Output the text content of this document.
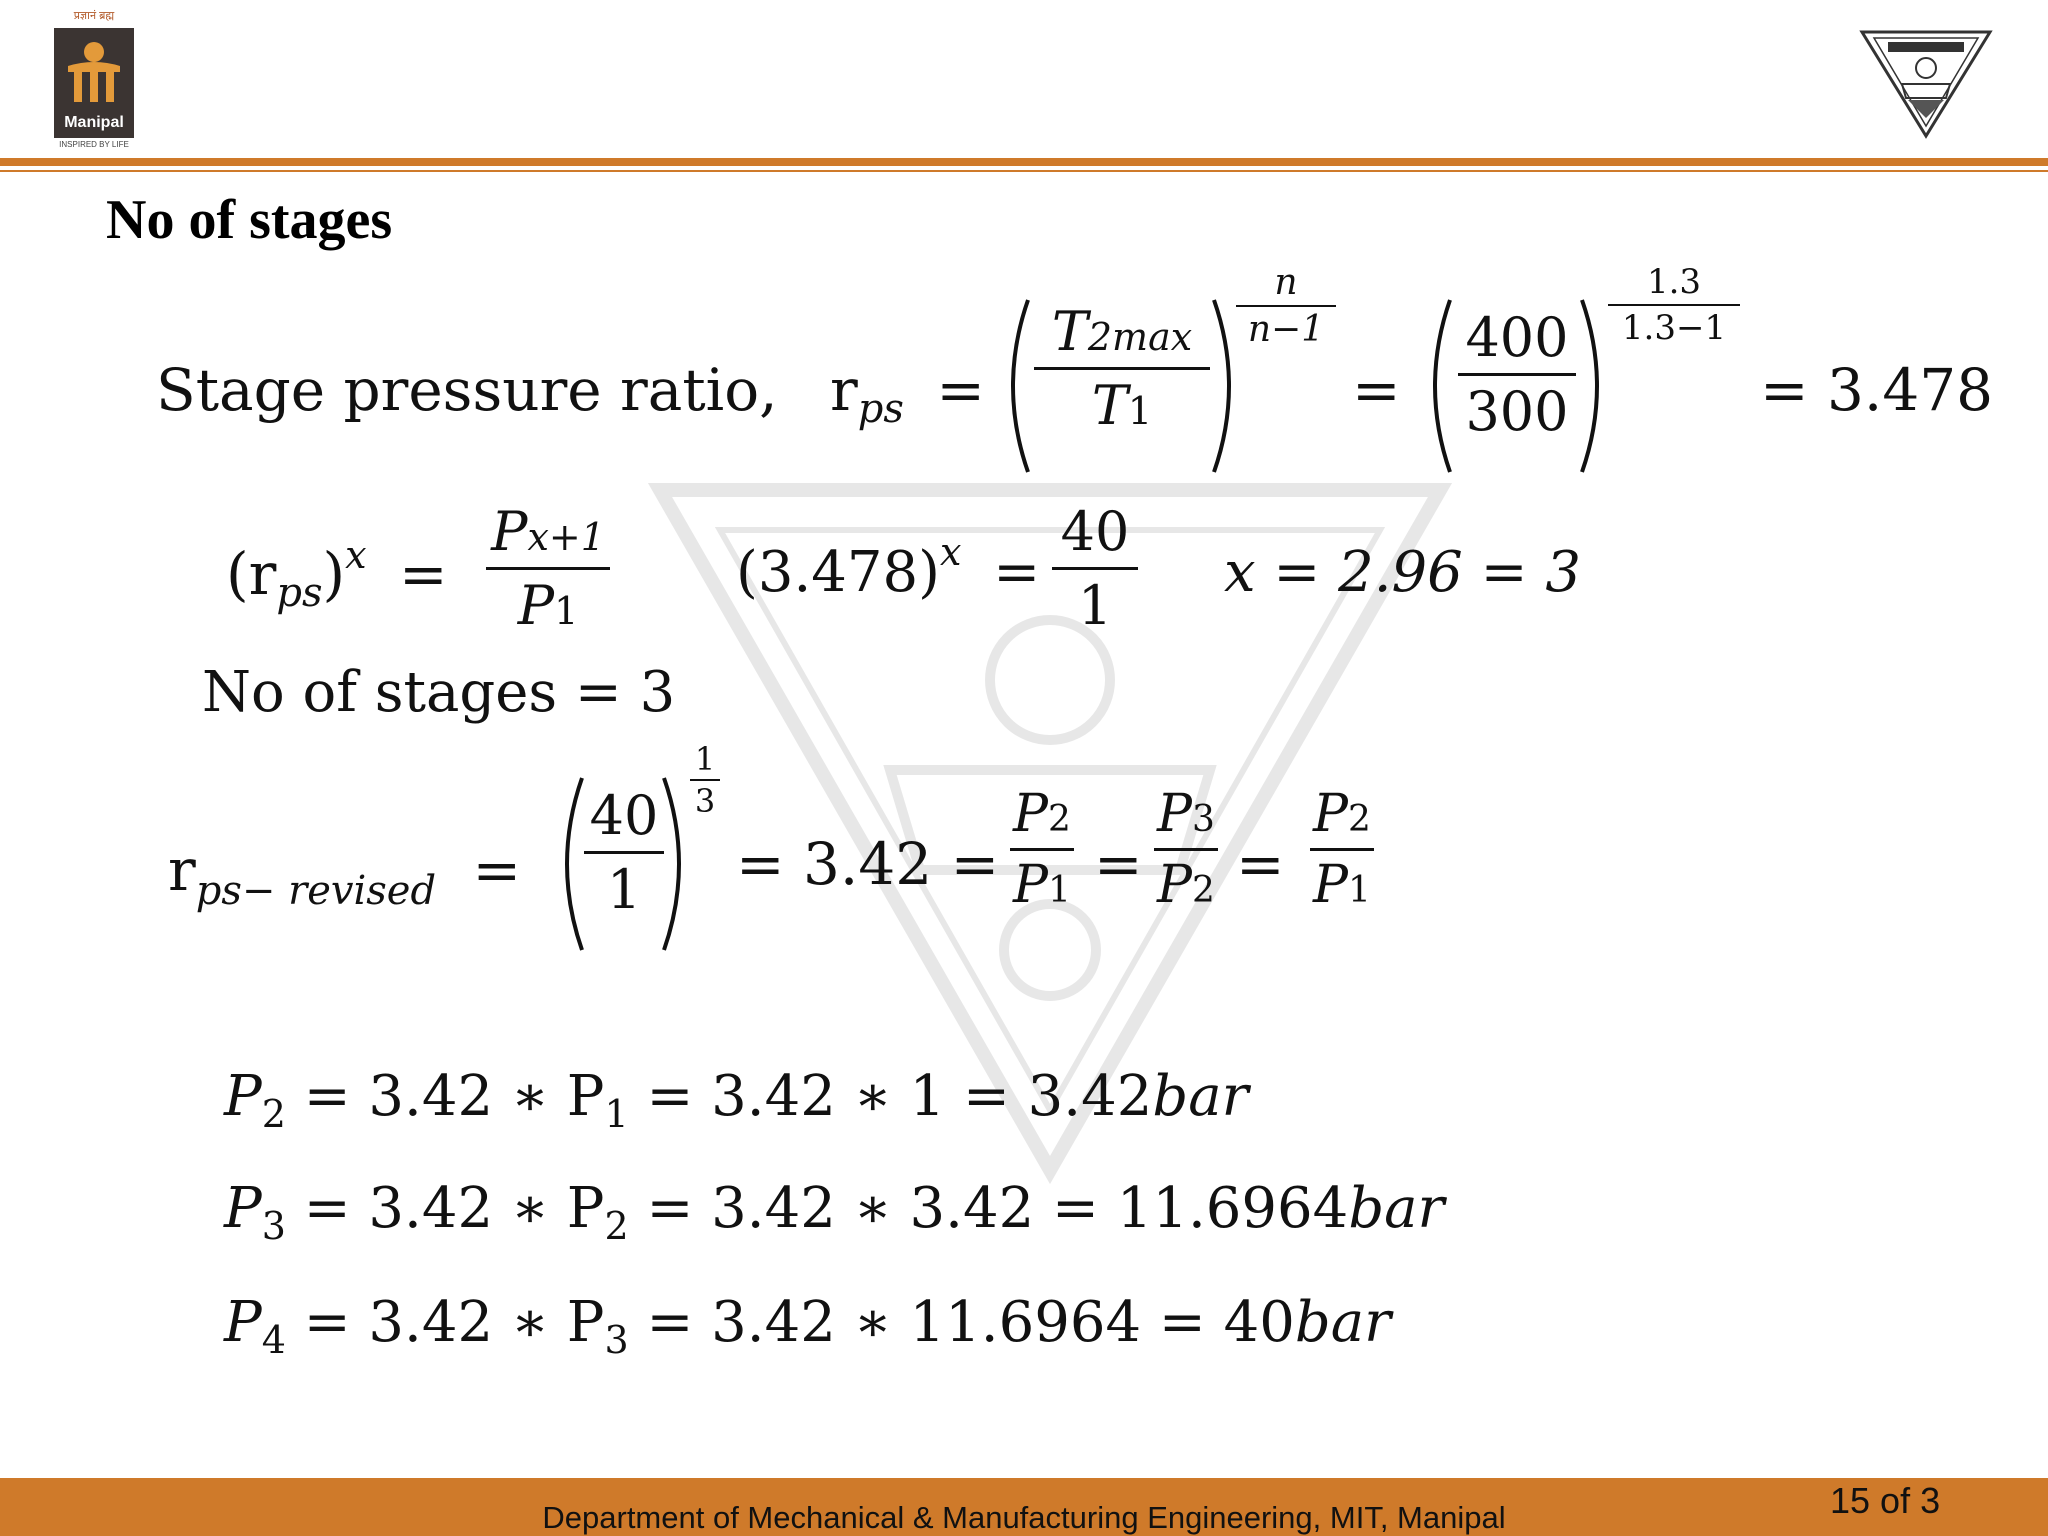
प्रज्ञानं ब्रह्म
Manipal
INSPIRED BY LIFE
No of stages
Stage pressure ratio, $r_{ps}$ =
T2max
T1
n
n−1
=
400
300
1.3
1.3−1
= 3.478
$(r_{ps})^x$ =
Px+1
P1
$(3.478)^x$ =
40
1
x = 2.96 = 3
No of stages = 3
$r_{ps- revised}$ =
40
1
1
3
= 3.42 =
P2
P1 =
P3
P2 =
P2
P1
$P_2 = 3.42$ ∗ $P_1 = 3.42$ ∗ 1 = 3.42bar
$P_3 = 3.42$ ∗ $P_2 = 3.42$ ∗ 3.42 = 11.6964bar
$P_4 = 3.42$ ∗ $P_3 = 3.42$ ∗ 11.6964 = 40bar
Department of Mechanical & Manufacturing Engineering, MIT, Manipal	15 of 3
